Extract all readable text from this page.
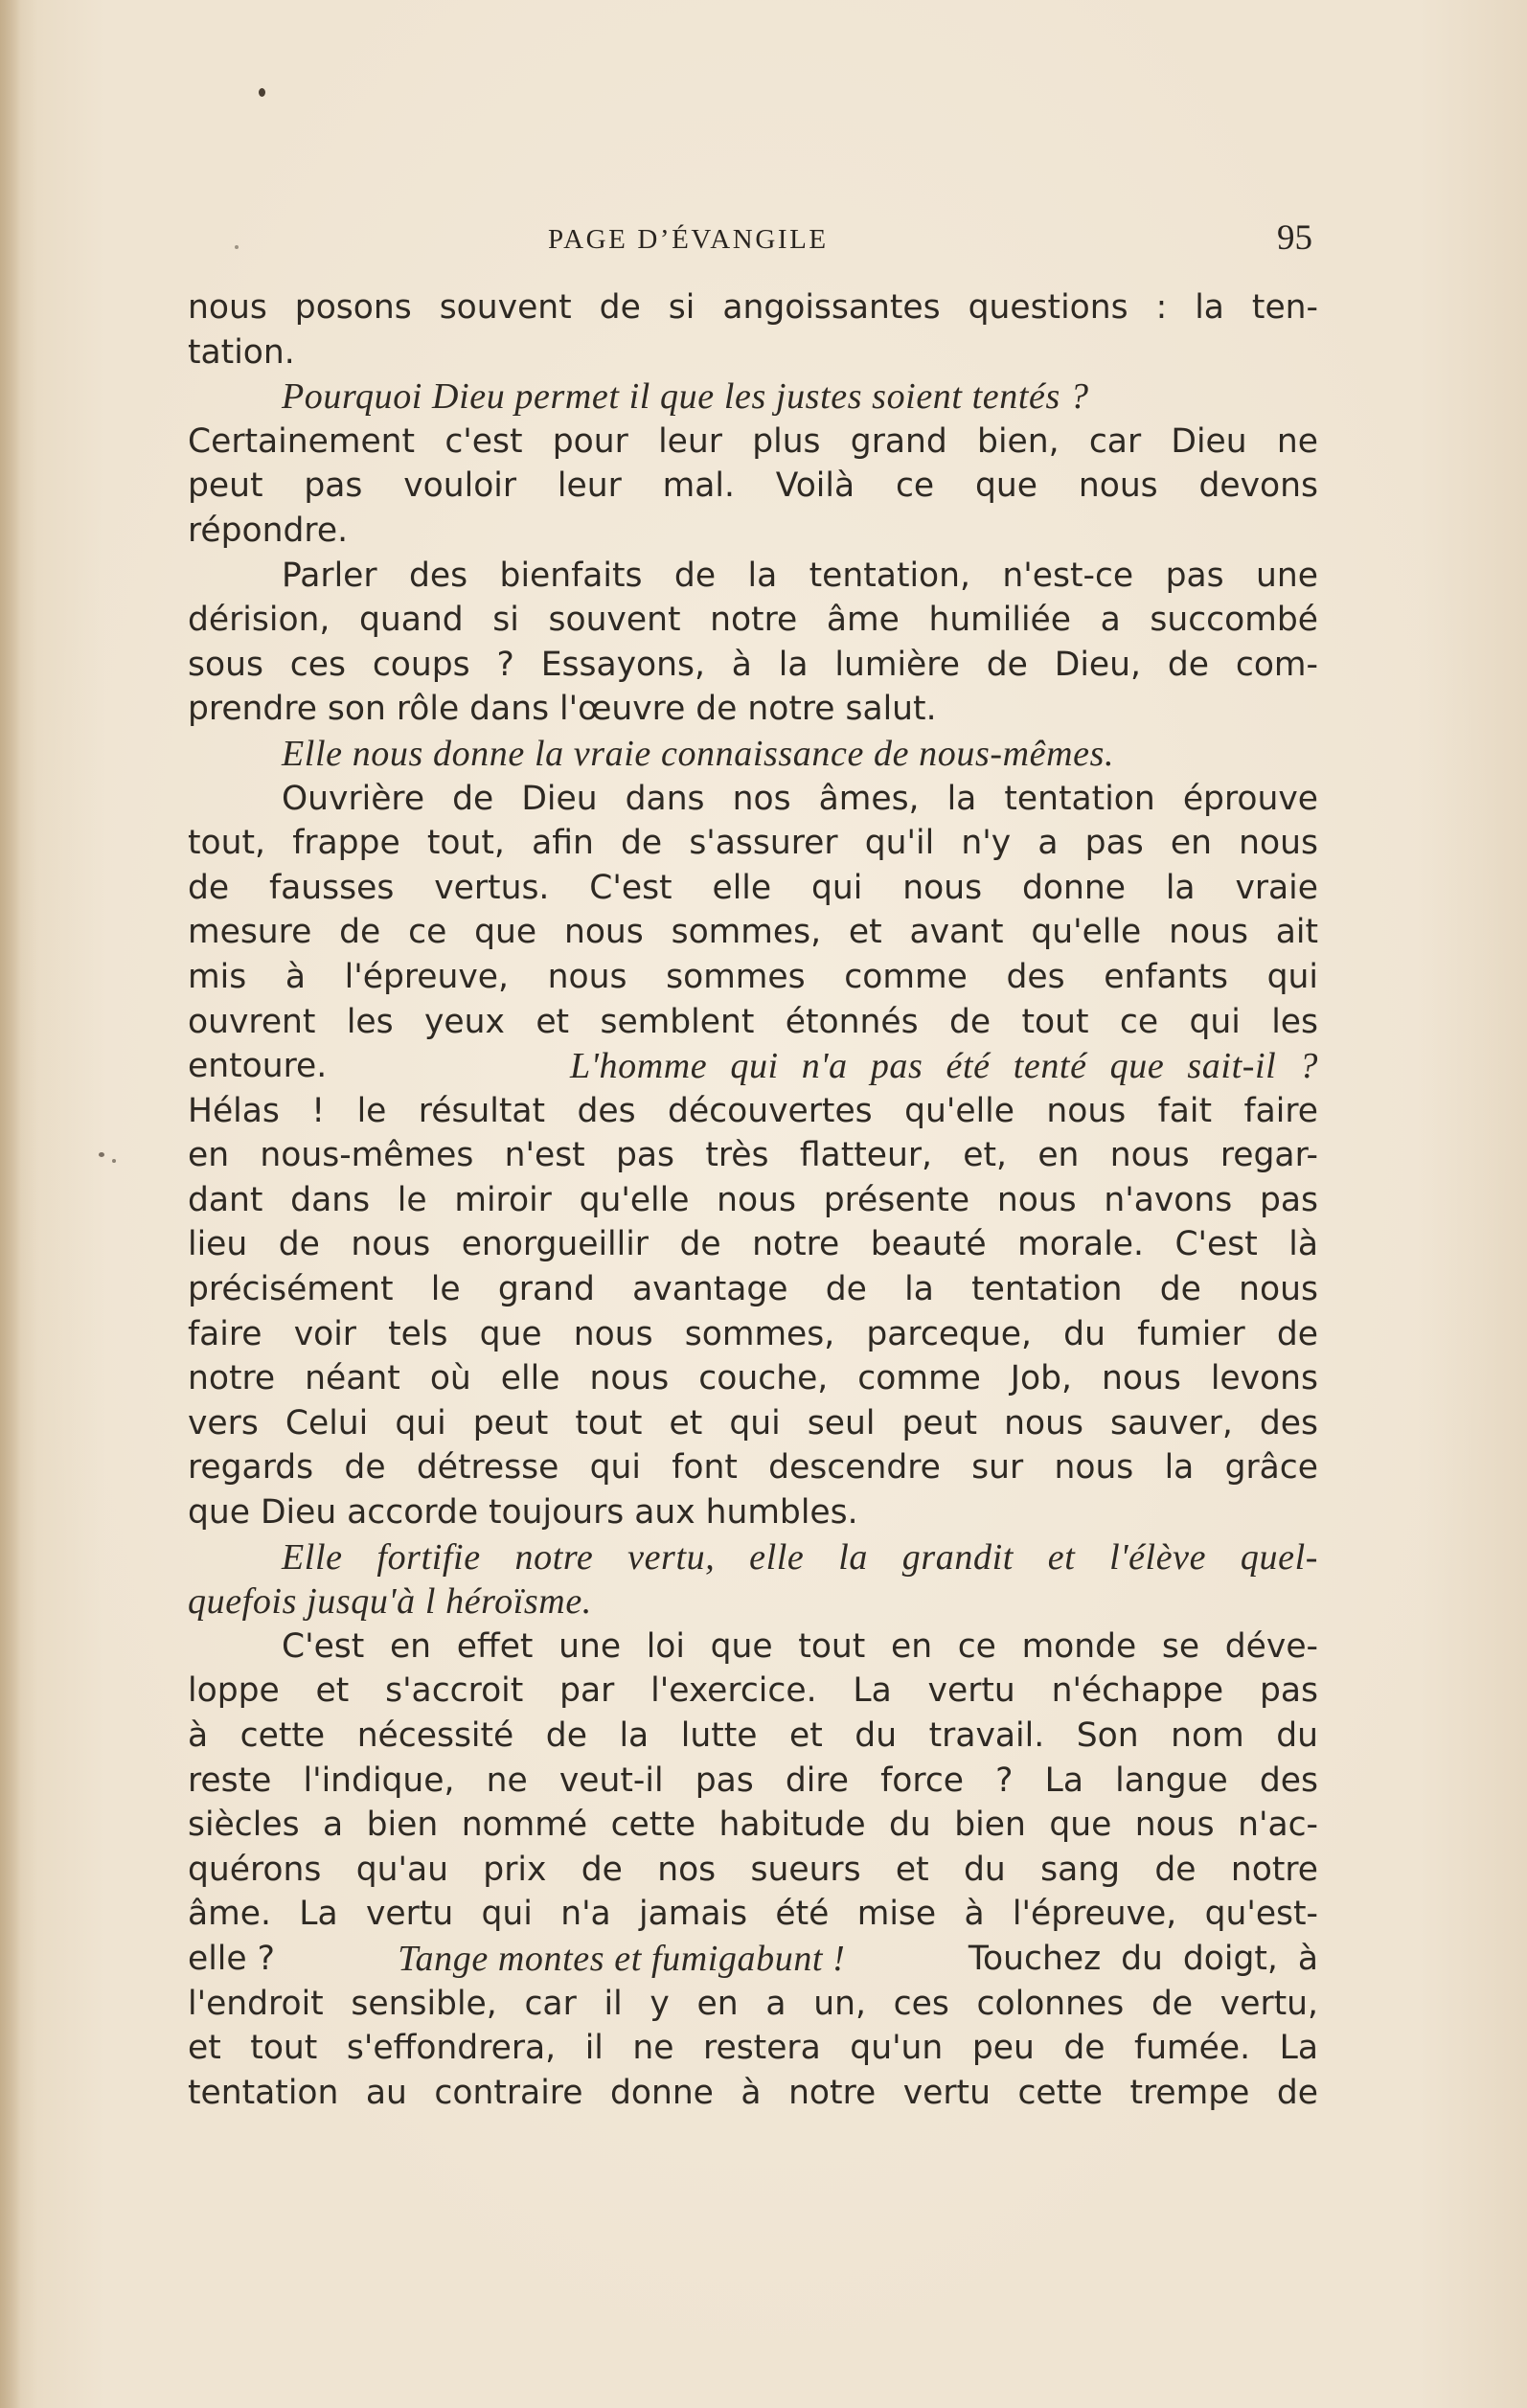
PAGE D’ÉVANGILE	95
nous posons souvent de si angoissantes questions : la ten-
tation.
Pourquoi Dieu permet il que les justes soient tentés ?
Certainement c'est pour leur plus grand bien, car Dieu ne
peut pas vouloir leur mal. Voilà ce que nous devons
répondre.
Parler des bienfaits de la tentation, n'est-ce pas une
dérision, quand si souvent notre âme humiliée a succombé
sous ces coups ? Essayons, à la lumière de Dieu, de com-
prendre son rôle dans l'œuvre de notre salut.
Elle nous donne la vraie connaissance de nous-mêmes.
Ouvrière de Dieu dans nos âmes, la tentation éprouve
tout, frappe tout, afin de s'assurer qu'il n'y a pas en nous
de fausses vertus. C'est elle qui nous donne la vraie
mesure de ce que nous sommes, et avant qu'elle nous ait
mis à l'épreuve, nous sommes comme des enfants qui
ouvrent les yeux et semblent étonnés de tout ce qui les
entoure.	L'homme qui n'a pas été tenté que sait-il ?
Hélas ! le résultat des découvertes qu'elle nous fait faire
en nous-mêmes n'est pas très flatteur, et, en nous regar-
dant dans le miroir qu'elle nous présente nous n'avons pas
lieu de nous enorgueillir de notre beauté morale. C'est là
précisément le grand avantage de la tentation de nous
faire voir tels que nous sommes, parceque, du fumier de
notre néant où elle nous couche, comme Job, nous levons
vers Celui qui peut tout et qui seul peut nous sauver, des
regards de détresse qui font descendre sur nous la grâce
que Dieu accorde toujours aux humbles.
Elle fortifie notre vertu, elle la grandit et l'élève quel-
quefois jusqu'à l héroïsme.
C'est en effet une loi que tout en ce monde se déve-
loppe et s'accroit par l'exercice. La vertu n'échappe pas
à cette nécessité de la lutte et du travail. Son nom du
reste l'indique, ne veut-il pas dire force ? La langue des
siècles a bien nommé cette habitude du bien que nous n'ac-
quérons qu'au prix de nos sueurs et du sang de notre
âme. La vertu qui n'a jamais été mise à l'épreuve, qu'est-
elle ?	Tange montes et fumigabunt !	Touchez du doigt, à
l'endroit sensible, car il y en a un, ces colonnes de vertu,
et tout s'effondrera, il ne restera qu'un peu de fumée. La
tentation au contraire donne à notre vertu cette trempe de
